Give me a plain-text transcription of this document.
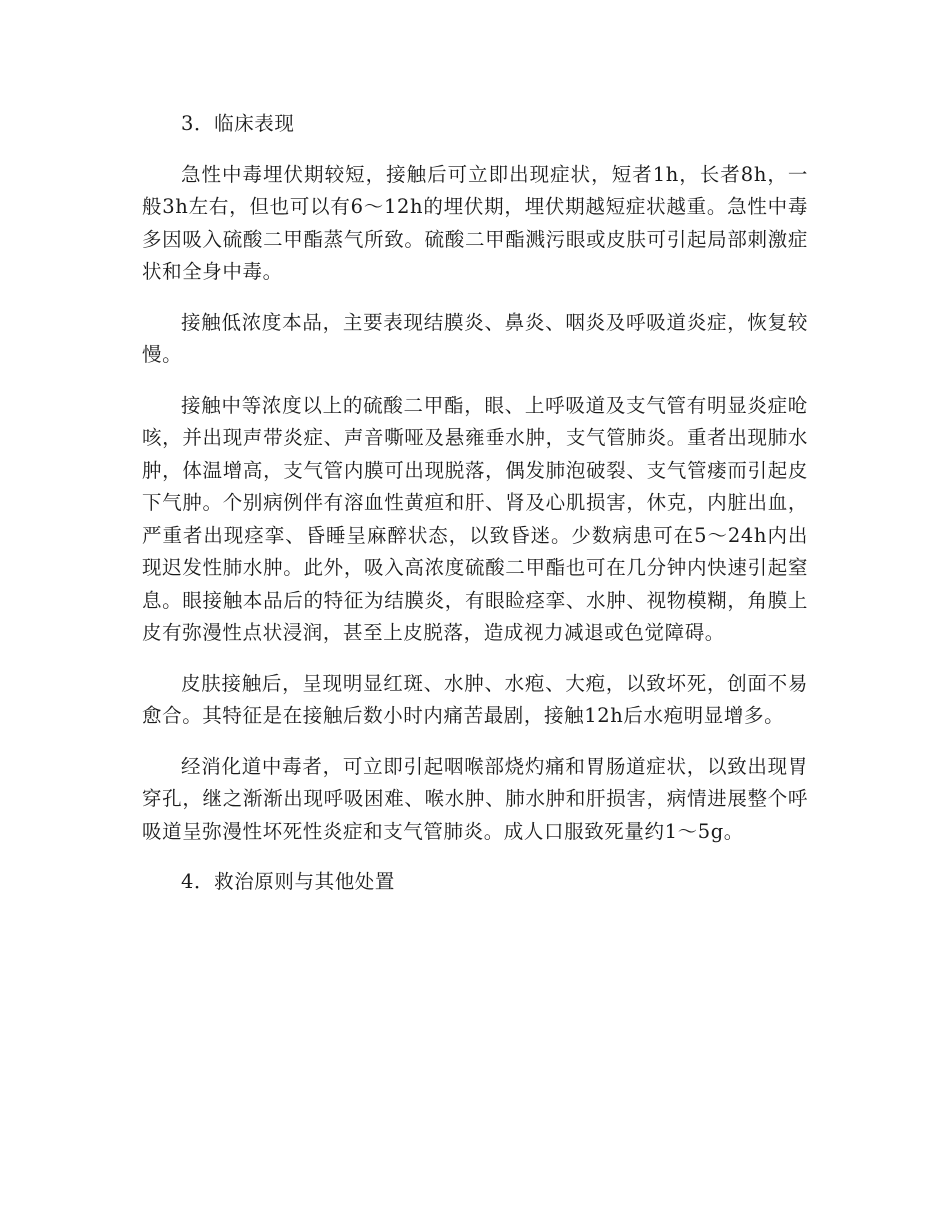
3．临床表现

急性中毒埋伏期较短，接触后可立即出现症状，短者1h，长者8h，一般3h左右，但也可以有6～12h的埋伏期，埋伏期越短症状越重。急性中毒多因吸入硫酸二甲酯蒸气所致。硫酸二甲酯溅污眼或皮肤可引起局部刺激症状和全身中毒。

接触低浓度本品，主要表现结膜炎、鼻炎、咽炎及呼吸道炎症，恢复较慢。

接触中等浓度以上的硫酸二甲酯，眼、上呼吸道及支气管有明显炎症呛咳，并出现声带炎症、声音嘶哑及悬雍垂水肿，支气管肺炎。重者出现肺水肿，体温增高，支气管内膜可出现脱落，偶发肺泡破裂、支气管瘘而引起皮下气肿。个别病例伴有溶血性黄疸和肝、肾及心肌损害，休克，内脏出血，严重者出现痉挛、昏睡呈麻醉状态，以致昏迷。少数病患可在5～24h内出现迟发性肺水肿。此外，吸入高浓度硫酸二甲酯也可在几分钟内快速引起窒息。眼接触本品后的特征为结膜炎，有眼睑痉挛、水肿、视物模糊，角膜上皮有弥漫性点状浸润，甚至上皮脱落，造成视力减退或色觉障碍。

皮肤接触后，呈现明显红斑、水肿、水疱、大疱，以致坏死，创面不易愈合。其特征是在接触后数小时内痛苦最剧，接触12h后水疱明显增多。

经消化道中毒者，可立即引起咽喉部烧灼痛和胃肠道症状，以致出现胃穿孔，继之渐渐出现呼吸困难、喉水肿、肺水肿和肝损害，病情进展整个呼吸道呈弥漫性坏死性炎症和支气管肺炎。成人口服致死量约1～5g。

4．救治原则与其他处置
